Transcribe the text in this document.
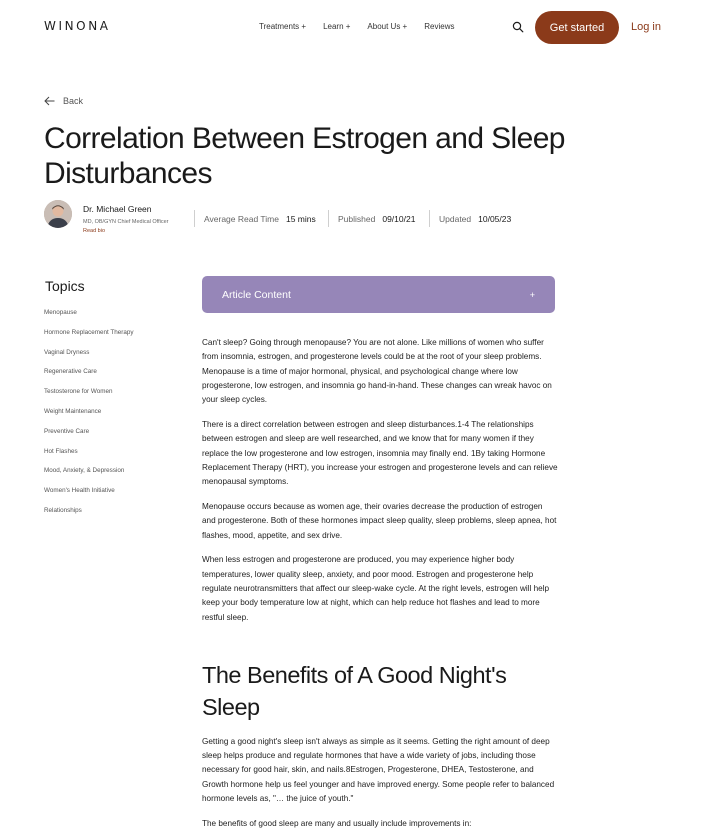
WINONA	Treatments + Learn + About Us + Reviews	Get started	Log in
Back
Correlation Between Estrogen and Sleep Disturbances
Dr. Michael Green
MD, OB/GYN Chief Medical Officer
Read bio
Average Read Time 15 mins	Published 09/10/21	Updated 10/05/23
Topics
Menopause
Hormone Replacement Therapy
Vaginal Dryness
Regenerative Care
Testosterone for Women
Weight Maintenance
Preventive Care
Hot Flashes
Mood, Anxiety, & Depression
Women's Health Initiative
Relationships
Article Content	+

Can't sleep? Going through menopause? You are not alone. Like millions of women who suffer from insomnia, estrogen, and progesterone levels could be at the root of your sleep problems. Menopause is a time of major hormonal, physical, and psychological change where low progesterone, low estrogen, and insomnia go hand-in-hand. These changes can wreak havoc on your sleep cycles.

There is a direct correlation between estrogen and sleep disturbances.1-4 The relationships between estrogen and sleep are well researched, and we know that for many women if they replace the low progesterone and low estrogen, insomnia may finally end. 1By taking Hormone Replacement Therapy (HRT), you increase your estrogen and progesterone levels and can relieve menopausal symptoms.

Menopause occurs because as women age, their ovaries decrease the production of estrogen and progesterone. Both of these hormones impact sleep quality, sleep problems, sleep apnea, hot flashes, mood, appetite, and sex drive.

When less estrogen and progesterone are produced, you may experience higher body temperatures, lower quality sleep, anxiety, and poor mood. Estrogen and progesterone help regulate neurotransmitters that affect our sleep-wake cycle. At the right levels, estrogen will help keep your body temperature low at night, which can help reduce hot flashes and lead to more restful sleep.

The Benefits of A Good Night's Sleep

Getting a good night's sleep isn't always as simple as it seems. Getting the right amount of deep sleep helps produce and regulate hormones that have a wide variety of jobs, including those necessary for good hair, skin, and nails.8Estrogen, Progesterone, DHEA, Testosterone, and Growth hormone help us feel younger and have improved energy. Some people refer to balanced hormone levels as, "… the juice of youth."

The benefits of good sleep are many and usually include improvements in:
